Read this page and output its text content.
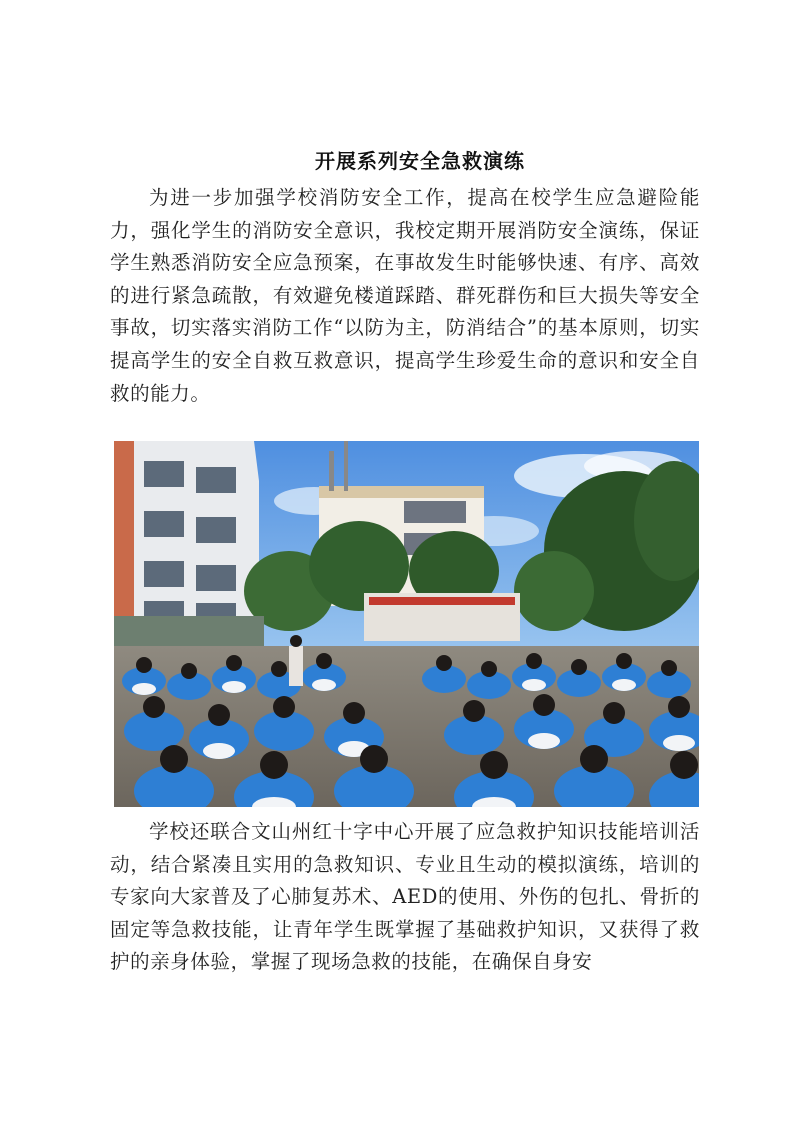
开展系列安全急救演练

为进一步加强学校消防安全工作，提高在校学生应急避险能力，强化学生的消防安全意识，我校定期开展消防安全演练，保证学生熟悉消防安全应急预案，在事故发生时能够快速、有序、高效的进行紧急疏散，有效避免楼道踩踏、群死群伤和巨大损失等安全事故，切实落实消防工作“以防为主，防消结合”的基本原则，切实提高学生的安全自救互救意识，提高学生珍爱生命的意识和安全自救的能力。

学校还联合文山州红十字中心开展了应急救护知识技能培训活动，结合紧凑且实用的急救知识、专业且生动的模拟演练，培训的专家向大家普及了心肺复苏术、AED的使用、外伤的包扎、骨折的固定等急救技能，让青年学生既掌握了基础救护知识，又获得了救护的亲身体验，掌握了现场急救的技能，在确保自身安
